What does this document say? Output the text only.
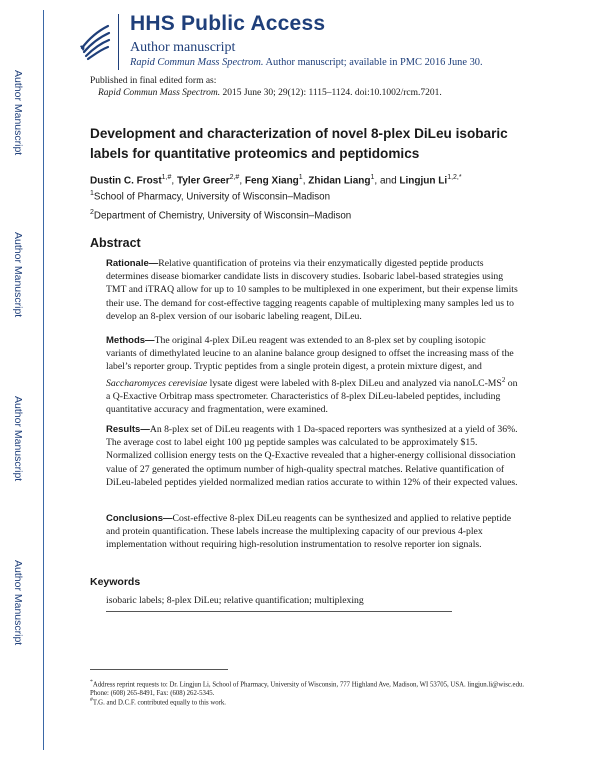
HHS Public Access
Author manuscript
Rapid Commun Mass Spectrom. Author manuscript; available in PMC 2016 June 30.
Author Manuscript
Author Manuscript
Author Manuscript
Author Manuscript
Published in final edited form as:
Rapid Commun Mass Spectrom. 2015 June 30; 29(12): 1115–1124. doi:10.1002/rcm.7201.
Development and characterization of novel 8-plex DiLeu isobaric labels for quantitative proteomics and peptidomics
Dustin C. Frost$^{1,\#}$, Tyler Greer$^{2,\#}$, Feng Xiang$^1$, Zhidan Liang$^1$, and Lingjun $Li^{1,2,*}$
$^1$School of Pharmacy, University of Wisconsin–Madison
$^2$Department of Chemistry, University of Wisconsin–Madison
Abstract
Rationale—Relative quantification of proteins via their enzymatically digested peptide products determines disease biomarker candidate lists in discovery studies. Isobaric label-based strategies using TMT and iTRAQ allow for up to 10 samples to be multiplexed in one experiment, but their expense limits their use. The demand for cost-effective tagging reagents capable of multiplexing many samples led us to develop an 8-plex version of our isobaric labeling reagent, DiLeu.
Methods—The original 4-plex DiLeu reagent was extended to an 8-plex set by coupling isotopic variants of dimethylated leucine to an alanine balance group designed to offset the increasing mass of the label’s reporter group. Tryptic peptides from a single protein digest, a protein mixture digest, and Saccharomyces cerevisiae lysate digest were labeled with 8-plex DiLeu and analyzed via nanoLC-$MS^2$ on a Q-Exactive Orbitrap mass spectrometer. Characteristics of 8-plex DiLeu-labeled peptides, including quantitative accuracy and fragmentation, were examined.
Results—An 8-plex set of DiLeu reagents with 1 Da-spaced reporters was synthesized at a yield of 36%. The average cost to label eight 100 µg peptide samples was calculated to be approximately $15. Normalized collision energy tests on the Q-Exactive revealed that a higher-energy collisional dissociation value of 27 generated the optimum number of high-quality spectral matches. Relative quantification of DiLeu-labeled peptides yielded normalized median ratios accurate to within 12% of their expected values.
Conclusions—Cost-effective 8-plex DiLeu reagents can be synthesized and applied to relative peptide and protein quantification. These labels increase the multiplexing capacity of our previous 4-plex implementation without requiring high-resolution instrumentation to resolve reporter ion signals.
Keywords
isobaric labels; 8-plex DiLeu; relative quantification; multiplexing
*Address reprint requests to: Dr. Lingjun Li, School of Pharmacy, University of Wisconsin, 777 Highland Ave, Madison, WI 53705, USA. lingjun.li@wisc.edu. Phone: (608) 265-8491, Fax: (608) 262-5345.
#T.G. and D.C.F. contributed equally to this work.
